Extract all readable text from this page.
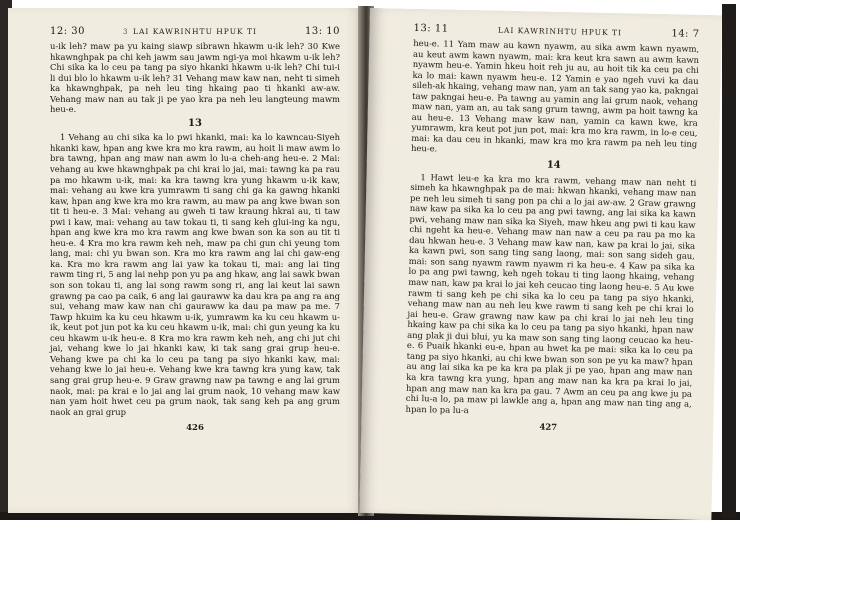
3
12: 30	LAI KAWRINHTU HPUK TI	13: 10

u-ik leh? maw pa yu kaing siawp sibrawn hkawm u-ik leh? 30 Kwe hkawnghpak pa chi keh jawm sau jawm ngi-ya moi hkawm u-ik leh? Chi sika ka lo ceu pa tang pa siyo hkanki hkawm u-ik leh? Chi tui-i li dui blo lo hkawm u-ik leh? 31 Vehang maw kaw nan, neht ti simeh ka hkawnghpak, pa neh leu ting hkaing pao ti hkanki aw-aw. Vehang maw nan au tak ji pe yao kra pa neh leu langteung mawm heu-e.

13

1 Vehang au chi sika ka lo pwi hkanki, mai: ka lo kawncau-Siyeh hkanki kaw, hpan ang kwe kra mo kra rawm, au hoit li maw awm lo bra tawng, hpan ang maw nan awm lo lu-a cheh-ang heu-e. 2 Mai: vehang au kwe hkawnghpak pa chi krai lo jai, mai: tawng ka pa rau pa mo hkawm u-ik, mai: ka kra tawng kra yung hkawm u-ik kaw, mai: vehang au kwe kra yumrawm ti sang chi ga ka gawng hkanki kaw, hpan ang kwe kra mo kra rawm, au maw pa ang kwe bwan son tit ti heu-e. 3 Mai: vehang au gweh ti taw kraung hkrai au, ti taw pwi i kaw, mai: vehang au taw tokau ti, ti sang keh glui-ing ka ngu, hpan ang kwe kra mo kra rawm ang kwe bwan son ka son au tit ti heu-e. 4 Kra mo kra rawm keh neh, maw pa chi gun chi yeung tom lang, mai: chi yu bwan son. Kra mo kra rawm ang lai chi gaw-eng ka. Kra mo kra rawm ang lai yaw ka tokau ti, mai: ang lai ting rawm ting ri, 5 ang lai nehp pon yu pa ang hkaw, ang lai sawk bwan son son tokau ti, ang lai song rawm song ri, ang lai keut lai sawn grawng pa cao pa caik, 6 ang lai gauraww ka dau kra pa ang ra ang sui, vehang maw kaw nan chi gauraww ka dau pa maw pa me. 7 Tawp hkuim ka ku ceu hkawm u-ik, yumrawm ka ku ceu hkawm u-ik, keut pot jun pot ka ku ceu hkawm u-ik, mai: chi gun yeung ka ku ceu hkawm u-ik heu-e. 8 Kra mo kra rawm keh neh, ang chi jut chi jai, vehang kwe lo jai hkanki kaw, ki tak sang grai grup heu-e. Vehang kwe pa chi ka lo ceu pa tang pa siyo hkanki kaw, mai: vehang kwe lo jai heu-e. Vehang kwe kra tawng kra yung kaw, tak sang grai grup heu-e. 9 Graw grawng naw pa tawng e ang lai grum naok, mai: pa krai e lo jai ang lai grum naok, 10 vehang maw kaw nan yam hoit hwet ceu pa grum naok, tak sang keh pa ang grum naok an grai grup

426
13: 11	LAI KAWRINHTU HPUK TI	14: 7

heu-e. 11 Yam maw au kawn nyawm, au sika awm kawn nyawm, au keut awm kawn nyawm, mai: kra keut kra sawn au awm kawn nyawm heu-e. Yamin hkeu hoit reh ju au, au hoit tik ka ceu pa chi ka lo mai: kawn nyawm heu-e. 12 Yamin e yao ngeh vuvi ka dau sileh-ak hkaing, vehang maw nan, yam an tak sang yao ka, pakngai taw pakngai heu-e. Pa tawng au yamin ang lai grum naok, vehang maw nan, yam an, au tak sang grum tawng, awm pa hoit tawng ka au heu-e. 13 Vehang maw kaw nan, yamin ca kawn kwe, kra yumrawm, kra keut pot jun pot, mai: kra mo kra rawm, in lo-e ceu, mai: ka dau ceu in hkanki, maw kra mo kra rawm pa neh leu ting heu-e.

14

1 Hawt leu-e ka kra mo kra rawm, vehang maw nan neht ti simeh ka hkawnghpak pa de mai: hkwan hkanki, vehang maw nan pe neh leu simeh ti sang pon pa chi a lo jai aw-aw. 2 Graw grawng naw kaw pa sika ka lo ceu pa ang pwi tawng, ang lai sika ka kawn pwi, vehang maw nan sika ka Siyeh, maw hkeu ang pwi ti kau kaw chi ngeht ka heu-e. Vehang maw nan naw a ceu pa rau pa mo ka dau hkwan heu-e. 3 Vehang maw kaw nan, kaw pa krai lo jai, sika ka kawn pwi, son sang ting sang laong, mai: son sang sideh gau, mai: son sang nyawm rawm nyawm ri ka heu-e. 4 Kaw pa sika ka lo pa ang pwi tawng, keh ngeh tokau ti ting laong hkaing, vehang maw nan, kaw pa krai lo jai keh ceucao ting laong heu-e. 5 Au kwe rawm ti sang keh pe chi sika ka lo ceu pa tang pa siyo hkanki, vehang maw nan au neh leu kwe rawm ti sang keh pe chi krai lo jai heu-e. Graw grawng naw kaw pa chi krai lo jai neh leu ting hkaing kaw pa chi sika ka lo ceu pa tang pa siyo hkanki, hpan naw ang plak ji dui blui, yu ka maw son sang ting laong ceucao ka heu-e. 6 Puaik hkanki eu-e, hpan au hwet ka pe mai: sika ka lo ceu pa tang pa siyo hkanki, au chi kwe bwan son son pe yu ka maw? hpan au ang lai sika ka pe ka kra pa plak ji pe yao, hpan ang maw nan ka kra tawng kra yung, hpan ang maw nan ka kra pa krai lo jai, hpan ang maw nan ka kra pa gau. 7 Awm an ceu pa ang kwe ju pa chi lu-a lo, pa maw pi lawkle ang a, hpan ang maw nan ting ang a, hpan lo pa lu-a

427
